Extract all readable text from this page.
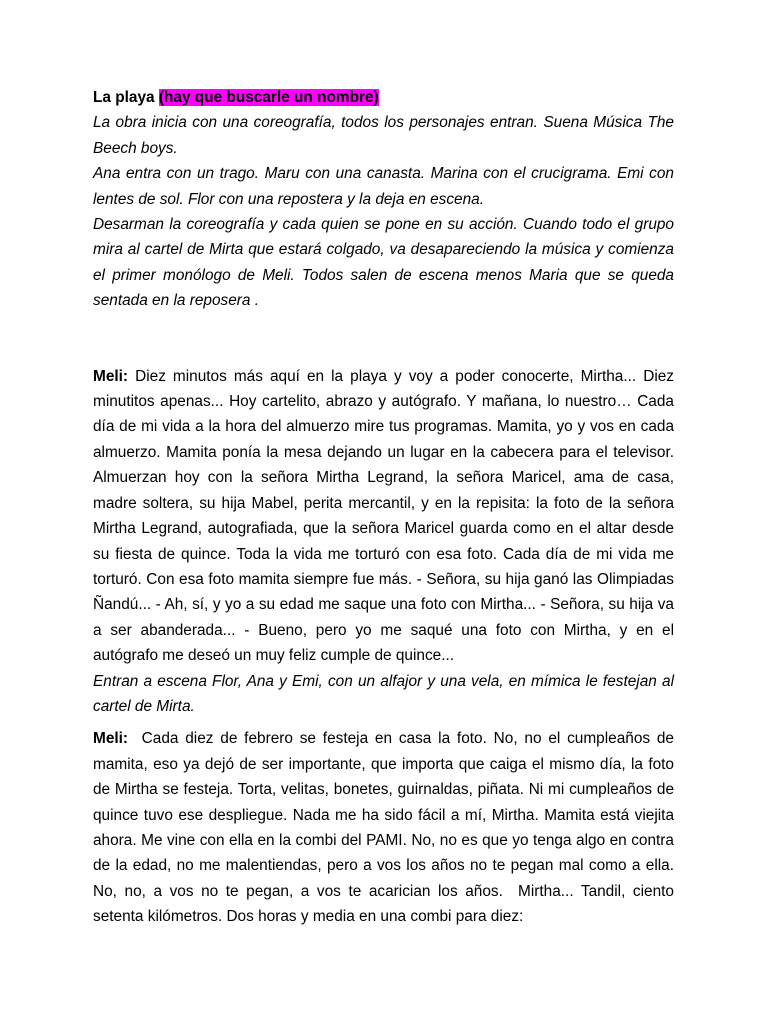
La playa (hay que buscarle un nombre)

La obra inicia con una coreografía, todos los personajes entran. Suena Música The Beech boys.

Ana entra con un trago. Maru con una canasta. Marina con el crucigrama. Emi con lentes de sol. Flor con una repostera y la deja en escena.

Desarman la coreografía y cada quien se pone en su acción. Cuando todo el grupo mira al cartel de Mirta que estará colgado, va desapareciendo la música y comienza el primer monólogo de Meli. Todos salen de escena menos Maria que se queda sentada en la reposera .

Meli: Diez minutos más aquí en la playa y voy a poder conocerte, Mirtha... Diez minutitos apenas... Hoy cartelito, abrazo y autógrafo. Y mañana, lo nuestro… Cada día de mi vida a la hora del almuerzo mire tus programas. Mamita, yo y vos en cada almuerzo. Mamita ponía la mesa dejando un lugar en la cabecera para el televisor. Almuerzan hoy con la señora Mirtha Legrand, la señora Maricel, ama de casa, madre soltera, su hija Mabel, perita mercantil, y en la repisita: la foto de la señora Mirtha Legrand, autografiada, que la señora Maricel guarda como en el altar desde su fiesta de quince. Toda la vida me torturó con esa foto. Cada día de mi vida me torturó. Con esa foto mamita siempre fue más. - Señora, su hija ganó las Olimpiadas Ñandú... - Ah, sí, y yo a su edad me saque una foto con Mirtha... - Señora, su hija va a ser abanderada... - Bueno, pero yo me saqué una foto con Mirtha, y en el autógrafo me deseó un muy feliz cumple de quince...

Entran a escena Flor, Ana y Emi, con un alfajor y una vela, en mímica le festejan al cartel de Mirta.

Meli:  Cada diez de febrero se festeja en casa la foto. No, no el cumpleaños de mamita, eso ya dejó de ser importante, que importa que caiga el mismo día, la foto de Mirtha se festeja. Torta, velitas, bonetes, guirnaldas, piñata. Ni mi cumpleaños de quince tuvo ese despliegue. Nada me ha sido fácil a mí, Mirtha. Mamita está viejita ahora. Me vine con ella en la combi del PAMI. No, no es que yo tenga algo en contra de la edad, no me malentiendas, pero a vos los años no te pegan mal como a ella. No, no, a vos no te pegan, a vos te acarician los años.  Mirtha... Tandil, ciento setenta kilómetros. Dos horas y media en una combi para diez:
